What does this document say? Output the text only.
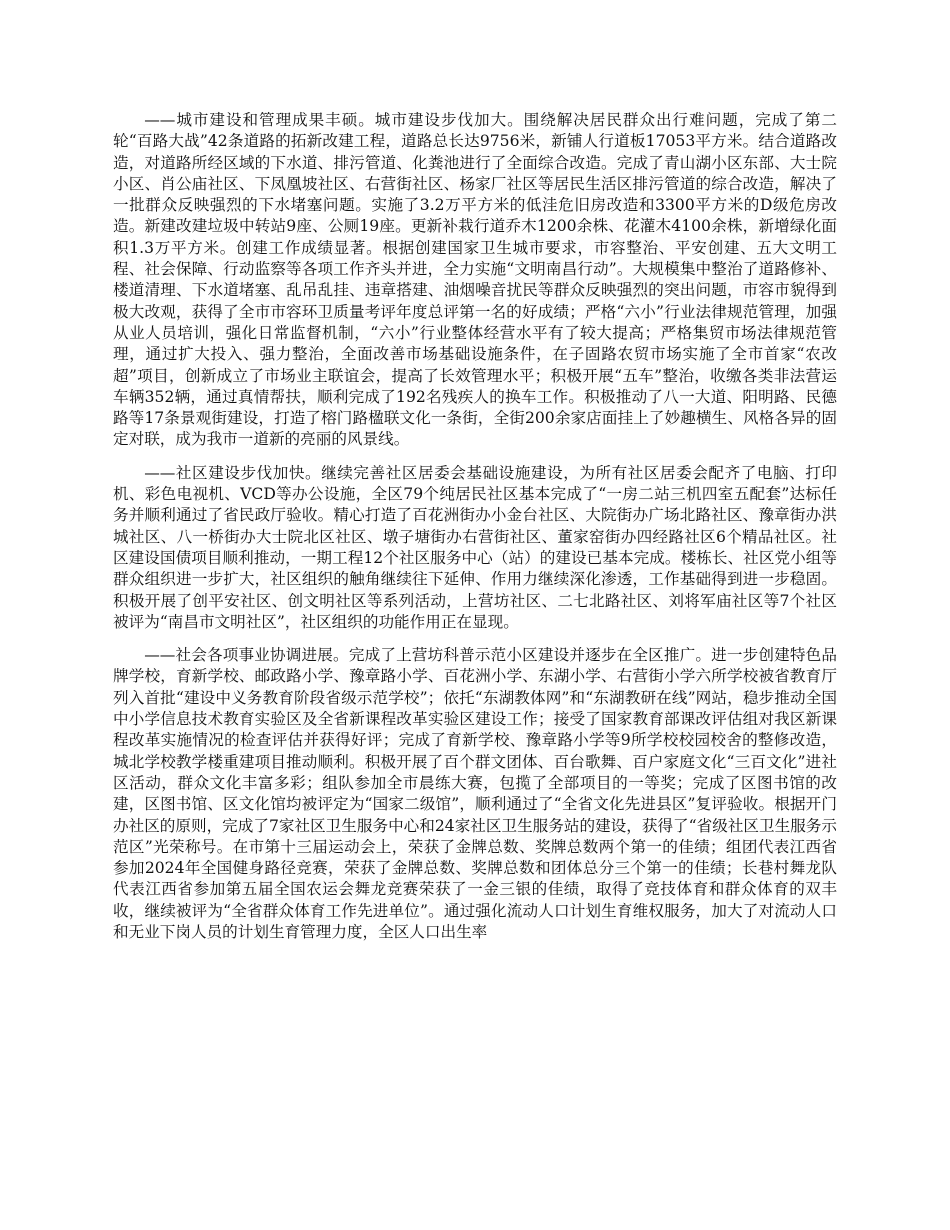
——城市建设和管理成果丰硕。城市建设步伐加大。围绕解决居民群众出行难问题，完成了第二轮“百路大战”42条道路的拓新改建工程，道路总长达9756米，新铺人行道板17053平方米。结合道路改造，对道路所经区域的下水道、排污管道、化粪池进行了全面综合改造。完成了青山湖小区东部、大士院小区、肖公庙社区、下凤凰坡社区、右营街社区、杨家厂社区等居民生活区排污管道的综合改造，解决了一批群众反映强烈的下水堵塞问题。实施了3.2万平方米的低洼危旧房改造和3300平方米的D级危房改造。新建改建垃圾中转站9座、公厕19座。更新补栽行道乔木1200余株、花灌木4100余株，新增绿化面积1.3万平方米。创建工作成绩显著。根据创建国家卫生城市要求，市容整治、平安创建、五大文明工程、社会保障、行动监察等各项工作齐头并进，全力实施“文明南昌行动”。大规模集中整治了道路修补、楼道清理、下水道堵塞、乱吊乱挂、违章搭建、油烟噪音扰民等群众反映强烈的突出问题，市容市貌得到极大改观，获得了全市市容环卫质量考评年度总评第一名的好成绩；严格“六小”行业法律规范管理，加强从业人员培训，强化日常监督机制，“六小”行业整体经营水平有了较大提高；严格集贸市场法律规范管理，通过扩大投入、强力整治，全面改善市场基础设施条件，在子固路农贸市场实施了全市首家“农改超”项目，创新成立了市场业主联谊会，提高了长效管理水平；积极开展“五车”整治，收缴各类非法营运车辆352辆，通过真情帮扶，顺利完成了192名残疾人的换车工作。积极推动了八一大道、阳明路、民德路等17条景观街建设，打造了榕门路楹联文化一条街，全街200余家店面挂上了妙趣横生、风格各异的固定对联，成为我市一道新的亮丽的风景线。

——社区建设步伐加快。继续完善社区居委会基础设施建设，为所有社区居委会配齐了电脑、打印机、彩色电视机、VCD等办公设施，全区79个纯居民社区基本完成了“一房二站三机四室五配套”达标任务并顺利通过了省民政厅验收。精心打造了百花洲街办小金台社区、大院街办广场北路社区、豫章街办洪城社区、八一桥街办大士院北区社区、墩子塘街办右营街社区、董家窑街办四经路社区6个精品社区。社区建设国债项目顺利推动，一期工程12个社区服务中心（站）的建设已基本完成。楼栋长、社区党小组等群众组织进一步扩大，社区组织的触角继续往下延伸、作用力继续深化渗透，工作基础得到进一步稳固。积极开展了创平安社区、创文明社区等系列活动，上营坊社区、二七北路社区、刘将军庙社区等7个社区被评为“南昌市文明社区”，社区组织的功能作用正在显现。

——社会各项事业协调进展。完成了上营坊科普示范小区建设并逐步在全区推广。进一步创建特色品牌学校，育新学校、邮政路小学、豫章路小学、百花洲小学、东湖小学、右营街小学六所学校被省教育厅列入首批“建设中义务教育阶段省级示范学校”；依托“东湖教体网”和“东湖教研在线”网站，稳步推动全国中小学信息技术教育实验区及全省新课程改革实验区建设工作；接受了国家教育部课改评估组对我区新课程改革实施情况的检查评估并获得好评；完成了育新学校、豫章路小学等9所学校校园校舍的整修改造，城北学校教学楼重建项目推动顺利。积极开展了百个群文团体、百台歌舞、百户家庭文化“三百文化”进社区活动，群众文化丰富多彩；组队参加全市晨练大赛，包揽了全部项目的一等奖；完成了区图书馆的改建，区图书馆、区文化馆均被评定为“国家二级馆”，顺利通过了“全省文化先进县区”复评验收。根据开门办社区的原则，完成了7家社区卫生服务中心和24家社区卫生服务站的建设，获得了“省级社区卫生服务示范区”光荣称号。在市第十三届运动会上，荣获了金牌总数、奖牌总数两个第一的佳绩；组团代表江西省参加2024年全国健身路径竞赛，荣获了金牌总数、奖牌总数和团体总分三个第一的佳绩；长巷村舞龙队代表江西省参加第五届全国农运会舞龙竞赛荣获了一金三银的佳绩，取得了竞技体育和群众体育的双丰收，继续被评为“全省群众体育工作先进单位”。通过强化流动人口计划生育维权服务，加大了对流动人口和无业下岗人员的计划生育管理力度，全区人口出生率
